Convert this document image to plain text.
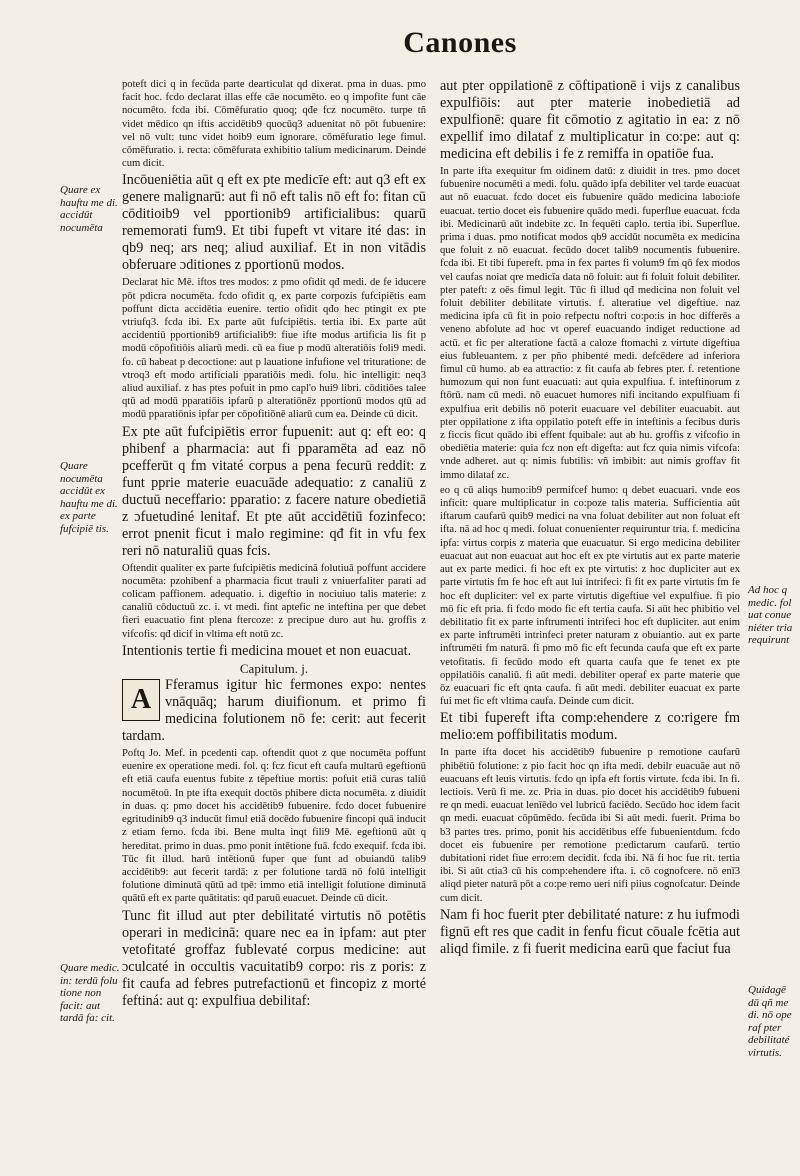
Canones
Quare ex hauftu me di. accidūt nocumēta
Quare nocumēta accidūt ex hauftu me di. ex parte fufcipiē tis.
Quare medic. in: terdū folu tione non facit: aut tardā fa: cit.
Ad hoc q medic. fol uat conue niéter tria requirunt
Quidagē dū qñ me di. nō ope raf pter debilitaté virtutis.

poteft dici q in fecūda parte dearticulat qd dixerat. pma in duas. pmo facit hoc. fcdo declarat illas effe cāe nocumēto. eo q impofite funt cāe nocumēto. fcda ibi. Cōmēfuratio quoq; qđe fcz nocumēto. turpe tñ videt mēdico qn iftis accidētib9 quocūq3 aduenitat nō pōt fubuenire: vel nō vult: tunc videt hoib9 eum ignorare. cōmēfuratio lege fimul. cōmēfuratio. i. recta: cōmēfurata exhibitio talium medicinarum. Deinde cum dicit.

Incōueniētia aūt q eft ex pte medicīe eft: aut q3 eft ex genere malignarū: aut fi nō eft talis nō eft fo: fitan cū cōditioib9 vel pportionib9 artificialibus: quarū rememorati fum9. Et tibi fupeft vt vitare ité das: in qb9 neq; ars neq; aliud auxiliaf. Et in non vitādis obferuare ɔditiones z pportionū modos.

Declarat hic Mē. iftos tres modos: z pmo ofidit qđ medi. de fe iducere pōt pdicra nocumēta. fcdo ofidit q, ex parte corpozis fufcipiētis eam poffunt dicta accidētia euenire. tertio ofidit qđo hec ptingit ex pte vtriufq3. fcda ibi. Ex parte aūt fufcipiētis. tertia ibi. Ex parte aūt accidentiū pportionib9 artificialib9: fiue ifte modus artificia lis fit p modū cōpofitiōis aliarū medi. cū ea fiue p modū alteratiōis foli9 medi. fo. cū habeat p decoctione: aut p lauatione infufione vel trituratione: de vtroq3 eft modo artificiali pparatiōis medi. folu. hic intelligit: neq3 aliud auxiliaf. z has ptes pofuit in pmo capl'o hui9 libri. cōditiōes talee qtū ad modū pparatiōis ipfarū p alteratiōnēz pportionū modos qtū ad modū pparatiōnis ipfar per cōpofitiōnē aliarū cum ea. Deinde cū dicit.

Ex pte aūt fufcipiētis error fupuenit: aut q: eft eo: q phibenf a pharmacia: aut fi pparamēta ad eaz nō pcefferūt q fm vitaté corpus a pena fecurū reddit: z funt pprie materie euacuāde adequatio: z canaliū z ductuū neceffario: pparatio: z facere nature obedietiā z ɔfuetudiné lenitaf. Et pte aūt accidētiū fozinfeco: errot pnenit ficut i malo regimine: qđ fit in vfu fex reri nō naturaliū quas fcis.

Oftendit qualiter ex parte fufcipiētis medicinā folutiuā poffunt accidere nocumēta: pzohibenf a pharmacia ficut trauli z vniuerfaliter parati ad colicam paffionem. adequatio. i. digeftio in nociuiuo talis materie: z canaliū cōductuū zc. i. vt medi. fint aptefic ne inteftina per que debet fieri euacuatio fint plena ftercoze: z precipue duro aut hu. groffis z vifcofis: qđ dicif in vltima eft notū zc.

Intentionis tertie fi medicina mouet et non euacuat.

Capitulum. j.

A Fferamus igitur hic fermones expo: nentes vnāquāq; harum diuifionum. et primo fi medicina folutionem nō fe: cerit: aut fecerit tardam.

Poftq Jo. Mef. in pcedenti cap. oftendit quot z que nocumēta poffunt euenire ex operatione medi. fol. q: fcz ficut eft caufa multarū egeftionū eft etiā caufa euentus fubite z tēpeftiue mortis: pofuit etiā curas taliū nocumētoū. In pte ifta exequit doctōs phibere dicta nocumēta. z diuidit in duas. q: pmo docet his accidētib9 fubuenire. fcdo docet fubuenire egritudinib9 q3 inducūt fimul etiā docēdo fubuenire fincopi quā inducit z etiam ferno. fcda ibi. Bene multa inqt fili9 Mē. egeftionū aūt q hereditat. primo in duas. pmo ponit intētione fuā. fcdo exequif. fcda ibi. Tūc fit illud. harū intētionū fuper que funt ad obuiandū talib9 accidētib9: aut fecerit tardā: z per folutione tardā nō folū intelligit folutione diminutā qūtū ad tpē: immo etiā intelligit folutione diminutā quātū eft ex parte quātitatis: qđ paruū euacuet. Deinde cū dicit.

Tunc fit illud aut pter debilitaté virtutis nō potētis operari in medicinā: quare nec ea in ipfam: aut pter vetofitaté groffaz fublevaté corpus medicine: aut ɔculcaté in occultis vacuitatib9 corpo: ris z poris: z fit caufa ad febres putrefactionū et fincopiz z morté feftiná: aut q: expulfiua debilitaf:

aut pter oppilationē z cōftipationē i vijs z canalibus expulfiōis: aut pter materie inobedietiā ad expulfionē: quare fit cōmotio z agitatio in ea: z nō expellif imo dilataf z multiplicatur in co:pe: aut q: medicina eft debilis i fe z remiffa in opatiōe fua.

In parte ifta exequitur fm oidinem datū: z diuidit in tres. pmo docet fubuenire nocumēti a medi. folu. quādo ipfa debiliter vel tarde euacuat aut nō euacuat. fcdo docet eis fubuenire quādo medicina labo:iofe euacuat. tertio docet eis fubuenire quādo medi. fuperflue euacuat. fcda ibi. Medicinarū aūt indebite zc. In fequēti caplo. tertia ibi. Superflue. prima i duas. pmo notificat modos qb9 accidūt nocumēta ex medicina que foluit z nō euacuat. fecūdo docet talib9 nocumentis fubuenire. fcda ibi. Et tibi fupereft. pma in fex partes fi volum9 fm qō fex modos vel caufas noiat qre medicīa data nō foluit: aut fi foluit foluit debiliter. pter pateft: z oēs fimul legit. Tūc fi illud qđ medicina non foluit vel foluit debiliter debilitate virtutis. f. alteratiue vel digeftiue. naz medicina ipfa cū fit in poio refpectu noftri co:po:is in hoc differēs a veneno abfolute ad hoc vt operef euacuando indiget reductione ad actū. et fic per alteratione factā a caloze ftomachi z virtute digeftiua eius fubleuantem. z per pño phibenté medi. defcēdere ad inferiora fimul cū humo. ab ea attractio: z fit caufa ab febres pter. f. retentione humozum qui non funt euacuati: aut quia expulfiua. f. inteftinorum z ftōrū. nam cū medi. nō euacuet humores nifi incitando expulfiuam fi expulfiua erit debilis nō poterit euacuare vel debiliter euacuabit. aut pter oppilatione z ifta oppilatio poteft effe in inteftinis a fecibus duris z ficcis ficut quādo ibi effent fquibale: aut ab hu. groffis z vifcofio in obediētia materie: quia fcz non eft digefta: aut fcz quia nimis vifcofa: vnde adheret. aut q: nimis fubtilis: vñ imbibit: aut nimis groffav fit immo dilataf zc.

eo q cū aliqs humo:ib9 permifcef humo: q debet euacuari. vnde eos inficit: quare multiplicatur in co:poze talis materia. Sufficientia aūt iftarum caufarū quib9 medici na vna foluat debiliter aut non foluat eft ifta. nā ad hoc q medi. foluat conuenienter requiruntur tria. f. medicina ipfa: virtus corpis z materia que euacuatur. Si ergo medicina debiliter euacuat aut non euacuat aut hoc eft ex pte virtutis aut ex parte materie aut ex parte medici. fi hoc eft ex pte virtutis: z hoc dupliciter aut ex parte virtutis fm fe hoc eft aut lui intrifeci: fi fit ex parte virtutis fm fe hoc eft dupliciter: vel ex parte virtutis digeftiue vel expulfiue. fi pio mō fic eft pria. fi fcdo modo fic eft tertia caufa. Si aūt hec phibitio vel debilitatio fit ex parte inftrumenti intrifeci hoc eft dupliciter. aut enim ex parte inftrumēti intrinfeci preter naturam z obuiantio. aut ex parte inftrumēti fm naturā. fi pmo mō fic eft fecunda caufa que eft ex parte vetofitatis. fi fecūdo modo eft quarta caufa que fe tenet ex pte oppilatiōis canaliū. fi aūt medi. debiliter operaf ex parte materie que ōz euacuari fic eft qnta caufa. fi aūt medi. debiliter euacuat ex parte fui met fic eft vltima caufa. Deinde cum dicit.

Et tibi fupereft ifta comp:ehendere z co:rigere fm melio:em poffibilitatis modum.

In parte ifta docet his accidētib9 fubuenire p remotione caufarū phibētiū folutione: z pio facit hoc qn ifta medi. debilr euacuāe aut nō euacuans eft leuis virtutis. fcdo qn ipfa eft fortis virtute. fcda ibi. In fi. lectiois. Verū fi me. zc. Pria in duas. pio docet his accidētib9 fubueni re qn medi. euacuat lenīēdo vel lubricū faciēdo. Secūdo hoc idem facit qn medi. euacuat cōpūmēdo. fecūda ibi Si aūt medi. fuerit. Prima bo b3 partes tres. primo, ponit his accidētibus effe fubuenientdum. fcdo docet eis fubuenire per remotione p:edictarum caufarū. tertio dubitationi ridet fiue erro:em decidit. fcda ibi. Nā fi hoc fue rit. tertia ibi. Si aūt ctia3 cū his comp:ehendere ifta. i. cō cognofcere. nō enī3 aliqd pieter naturā pōt a co:pe remo ueri nifi piius cognofcatur. Deinde cum dicit.

Nam fi hoc fuerit pter debilitaté nature: z hu iufmodi fignū eft res que cadit in fenfu ficut cōuale fcētia aut aliqd fimile. z fi fuerit medicina earū que faciut fua
